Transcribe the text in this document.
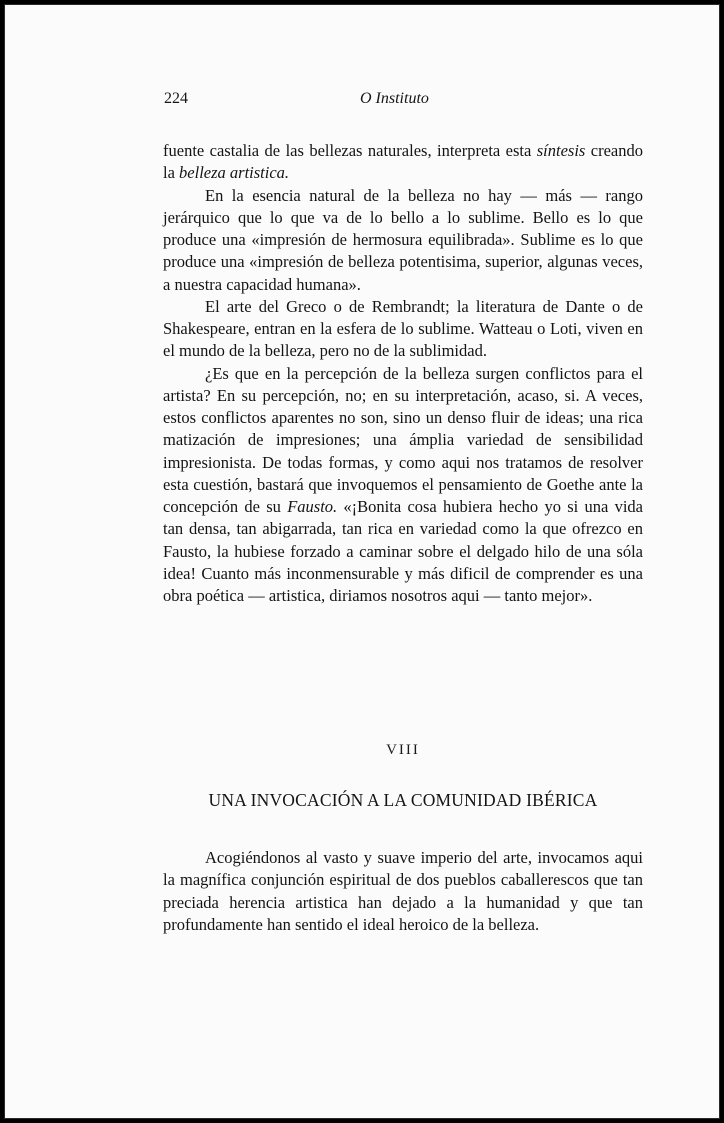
224	O Instituto

fuente castalia de las bellezas naturales, interpreta esta síntesis creando la belleza artistica.

En la esencia natural de la belleza no hay — más — rango jerárquico que lo que va de lo bello a lo sublime. Bello es lo que produce una «impresión de hermosura equilibrada». Sublime es lo que produce una «impresión de belleza potentisima, superior, algunas veces, a nuestra capacidad humana».

El arte del Greco o de Rembrandt; la literatura de Dante o de Shakespeare, entran en la esfera de lo sublime. Watteau o Loti, viven en el mundo de la belleza, pero no de la sublimidad.

¿Es que en la percepción de la belleza surgen conflictos para el artista? En su percepción, no; en su interpretación, acaso, si. A veces, estos conflictos aparentes no son, sino un denso fluir de ideas; una rica matización de impresiones; una ámplia variedad de sensibilidad impresionista. De todas formas, y como aqui nos tratamos de resolver esta cuestión, bastará que invoquemos el pensamiento de Goethe ante la concepción de su Fausto. «¡Bonita cosa hubiera hecho yo si una vida tan densa, tan abigarrada, tan rica en variedad como la que ofrezco en Fausto, la hubiese forzado a caminar sobre el delgado hilo de una sóla idea! Cuanto más inconmensurable y más dificil de comprender es una obra poética — artistica, diriamos nosotros aqui — tanto mejor».

VIII
UNA INVOCACIÓN A LA COMUNIDAD IBÉRICA

Acogiéndonos al vasto y suave imperio del arte, invocamos aqui la magnífica conjunción espiritual de dos pueblos caballerescos que tan preciada herencia artistica han dejado a la humanidad y que tan profundamente han sentido el ideal heroico de la belleza.
